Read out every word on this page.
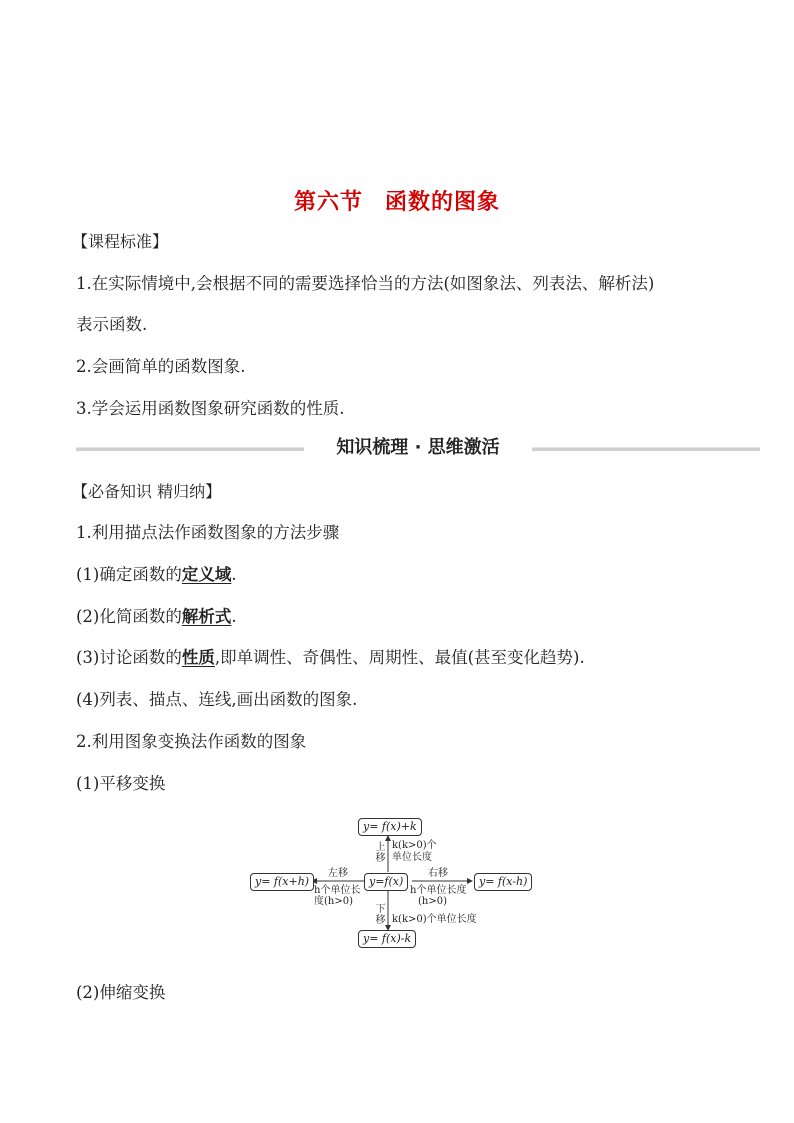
第六节 函数的图象
【课程标准】
1.在实际情境中,会根据不同的需要选择恰当的方法(如图象法、列表法、解析法)
表示函数.
2.会画简单的函数图象.
3.学会运用函数图象研究函数的性质.
知识梳理 · 思维激活
【必备知识 精归纳】
1.利用描点法作函数图象的方法步骤
(1)确定函数的定义域.
(2)化简函数的解析式.
(3)讨论函数的性质,即单调性、奇偶性、周期性、最值(甚至变化趋势).
(4)列表、描点、连线,画出函数的图象.
2.利用图象变换法作函数的图象
(1)平移变换
y= f(x)+k
y=f(x)
y= f(x+h)	y= f(x-h)
y= f(x)-k
上移
k(k>0)个
单位长度
下移 k(k>0)个单位长度
左移
h个单位长
度(h>0)
右移
h个单位长度
(h>0)
(2)伸缩变换
